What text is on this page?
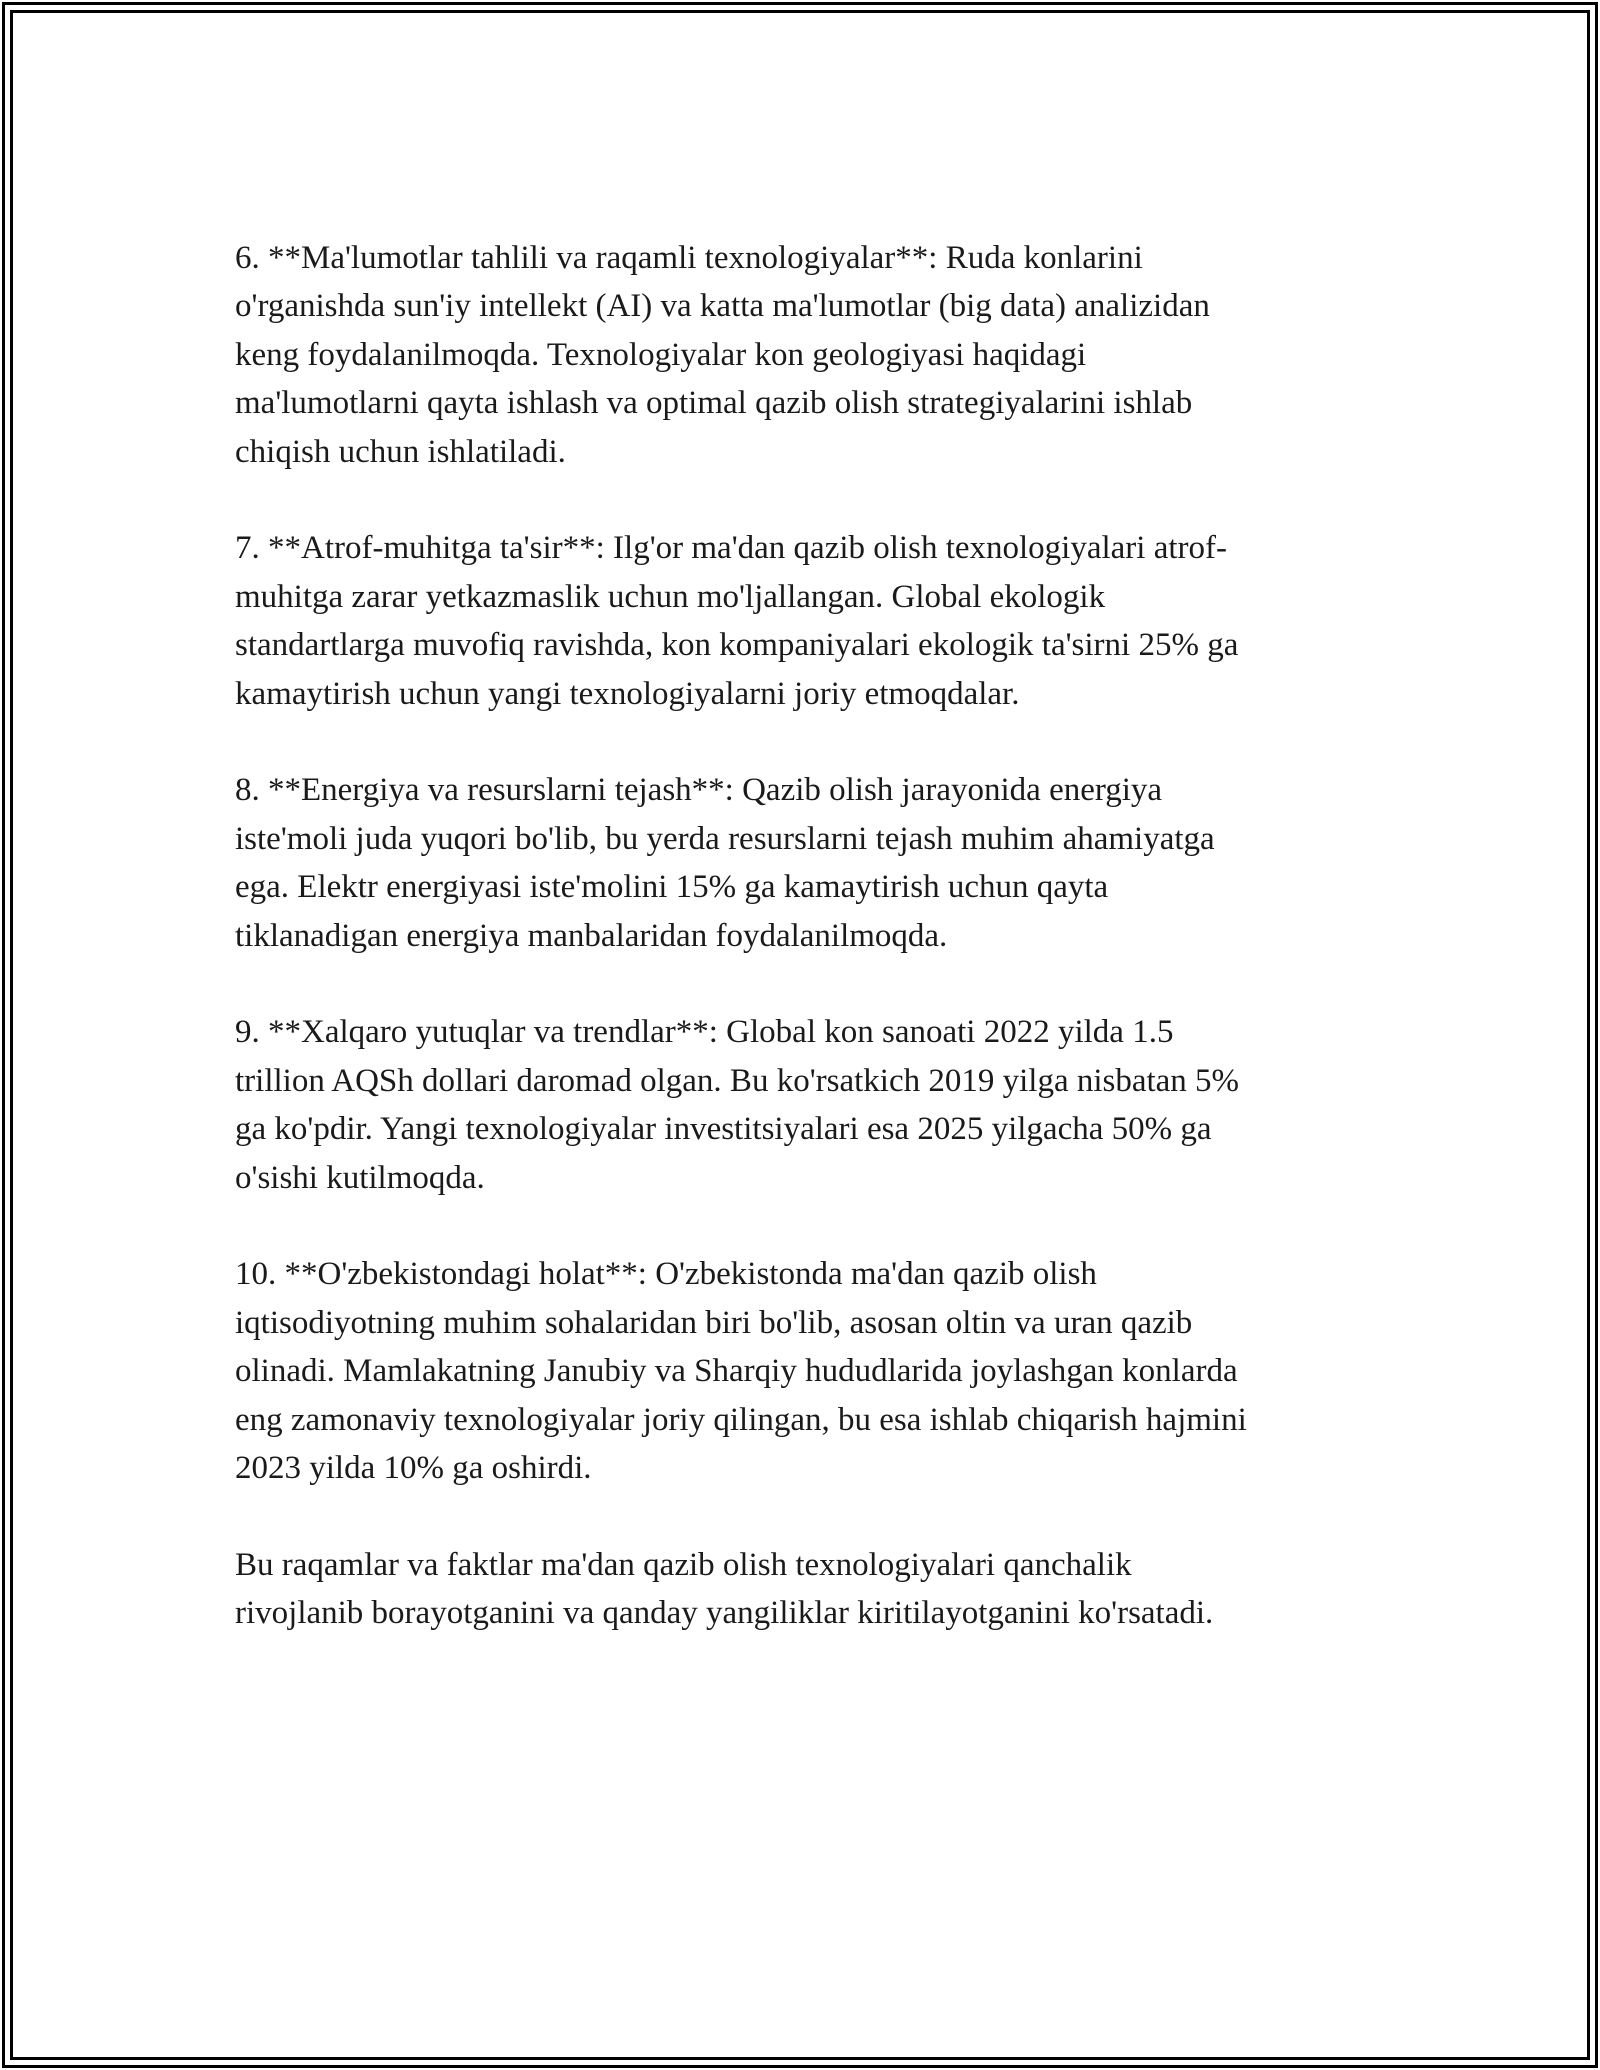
6. **Ma'lumotlar tahlili va raqamli texnologiyalar**: Ruda konlarini
o'rganishda sun'iy intellekt (AI) va katta ma'lumotlar (big data) analizidan
keng foydalanilmoqda. Texnologiyalar kon geologiyasi haqidagi
ma'lumotlarni qayta ishlash va optimal qazib olish strategiyalarini ishlab
chiqish uchun ishlatiladi.

7. **Atrof-muhitga ta'sir**: Ilg'or ma'dan qazib olish texnologiyalari atrof-
muhitga zarar yetkazmaslik uchun mo'ljallangan. Global ekologik
standartlarga muvofiq ravishda, kon kompaniyalari ekologik ta'sirni 25% ga
kamaytirish uchun yangi texnologiyalarni joriy etmoqdalar.

8. **Energiya va resurslarni tejash**: Qazib olish jarayonida energiya
iste'moli juda yuqori bo'lib, bu yerda resurslarni tejash muhim ahamiyatga
ega. Elektr energiyasi iste'molini 15% ga kamaytirish uchun qayta
tiklanadigan energiya manbalaridan foydalanilmoqda.

9. **Xalqaro yutuqlar va trendlar**: Global kon sanoati 2022 yilda 1.5
trillion AQSh dollari daromad olgan. Bu ko'rsatkich 2019 yilga nisbatan 5%
ga ko'pdir. Yangi texnologiyalar investitsiyalari esa 2025 yilgacha 50% ga
o'sishi kutilmoqda.

10. **O'zbekistondagi holat**: O'zbekistonda ma'dan qazib olish
iqtisodiyotning muhim sohalaridan biri bo'lib, asosan oltin va uran qazib
olinadi. Mamlakatning Janubiy va Sharqiy hududlarida joylashgan konlarda
eng zamonaviy texnologiyalar joriy qilingan, bu esa ishlab chiqarish hajmini
2023 yilda 10% ga oshirdi.

Bu raqamlar va faktlar ma'dan qazib olish texnologiyalari qanchalik
rivojlanib borayotganini va qanday yangiliklar kiritilayotganini ko'rsatadi.
